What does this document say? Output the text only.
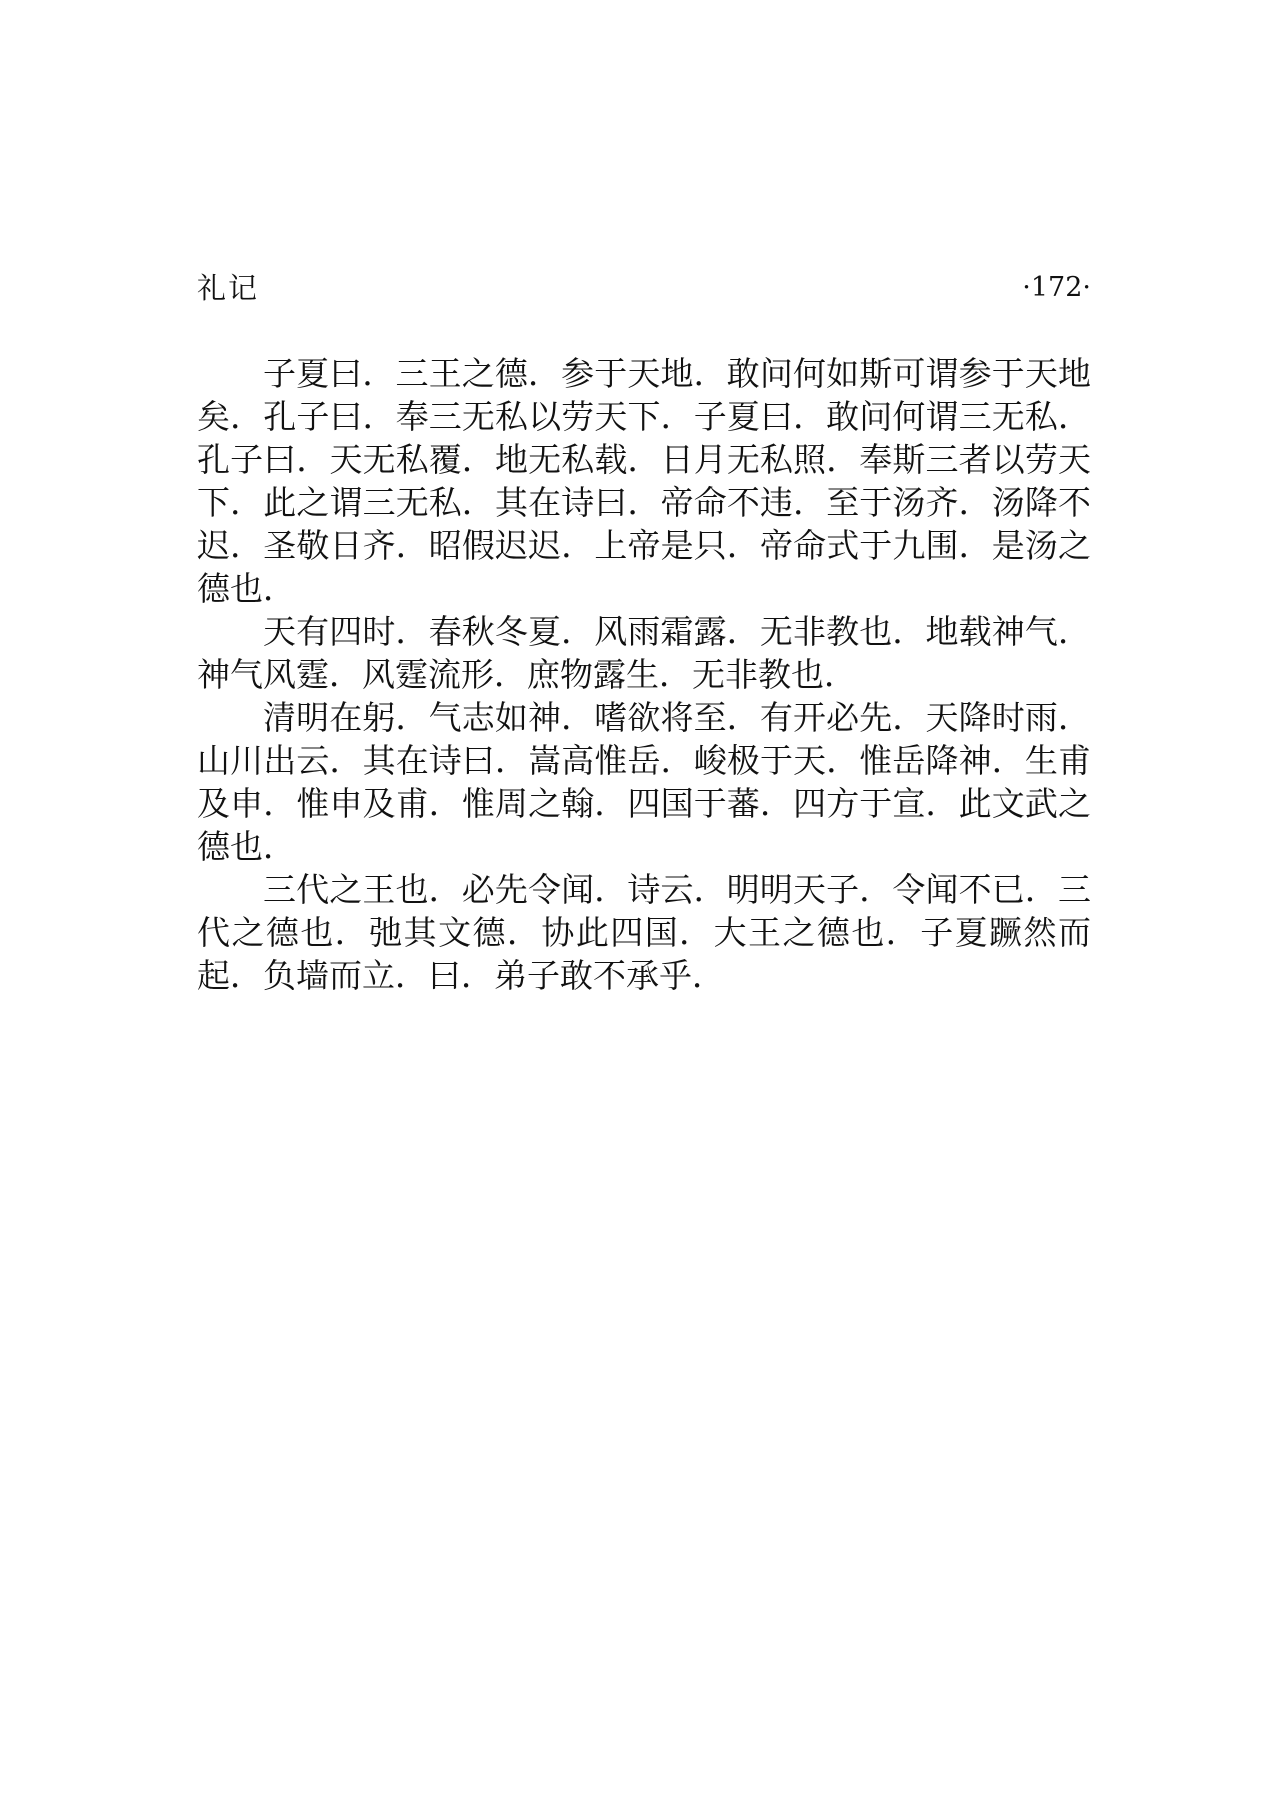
礼记	·172·

子夏曰．三王之德．参于天地．敢问何如斯可谓参于天地矣．孔子曰．奉三无私以劳天下．子夏曰．敢问何谓三无私．孔子曰．天无私覆．地无私载．日月无私照．奉斯三者以劳天下．此之谓三无私．其在诗曰．帝命不违．至于汤齐．汤降不迟．圣敬日齐．昭假迟迟．上帝是只．帝命式于九围．是汤之德也．

天有四时．春秋冬夏．风雨霜露．无非教也．地载神气．神气风霆．风霆流形．庶物露生．无非教也．

清明在躬．气志如神．嗜欲将至．有开必先．天降时雨．山川出云．其在诗曰．嵩高惟岳．峻极于天．惟岳降神．生甫及申．惟申及甫．惟周之翰．四国于蕃．四方于宣．此文武之德也．

三代之王也．必先令闻．诗云．明明天子．令闻不已．三代之德也．弛其文德．协此四国．大王之德也．子夏蹶然而起．负墙而立．曰．弟子敢不承乎．
